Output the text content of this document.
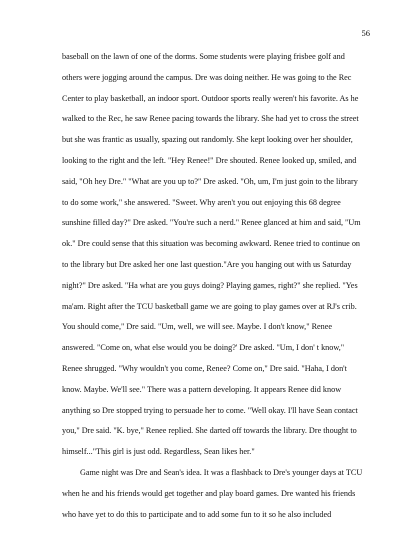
56
baseball on the lawn of one of the dorms. Some students were playing frisbee golf and
others were jogging around the campus. Dre was doing neither. He was going to the Rec
Center to play basketball, an indoor sport. Outdoor sports really weren't his favorite. As he
walked to the Rec, he saw Renee pacing towards the library. She had yet to cross the street
but she was frantic as usually, spazing out randomly. She kept looking over her shoulder,
looking to the right and the left. "Hey Renee!" Dre shouted. Renee looked up, smiled, and
said, "Oh hey Dre." "What are you up to?" Dre asked. "Oh, um, I'm just goin to the library
to do some work," she answered. "Sweet. Why aren't you out enjoying this 68 degree
sunshine filled day?" Dre asked. "You're such a nerd." Renee glanced at him and said, "Um
ok." Dre could sense that this situation was becoming awkward. Renee tried to continue on
to the library but Dre asked her one last question."Are you hanging out with us Saturday
night?" Dre asked. "Ha what are you guys doing? Playing games, right?" she replied. "Yes
ma'am. Right after the TCU basketball game we are going to play games over at RJ's crib.
You should come," Dre said. "Um, well, we will see. Maybe. I don't know," Renee
answered. "Come on, what else would you be doing?' Dre asked. "Um, I don' t know,"
Renee shrugged. "Why wouldn't you come, Renee? Come on," Dre said. "Haha, I don't
know. Maybe. We'll see." There was a pattern developing. It appears Renee did know
anything so Dre stopped trying to persuade her to come. "Well okay. I'll have Sean contact
you," Dre said. "K. bye," Renee replied. She darted off towards the library. Dre thought to
himself..."This girl is just odd. Regardless, Sean likes her."
Game night was Dre and Sean's idea. It was a flashback to Dre's younger days at TCU
when he and his friends would get together and play board games. Dre wanted his friends
who have yet to do this to participate and to add some fun to it so he also included
